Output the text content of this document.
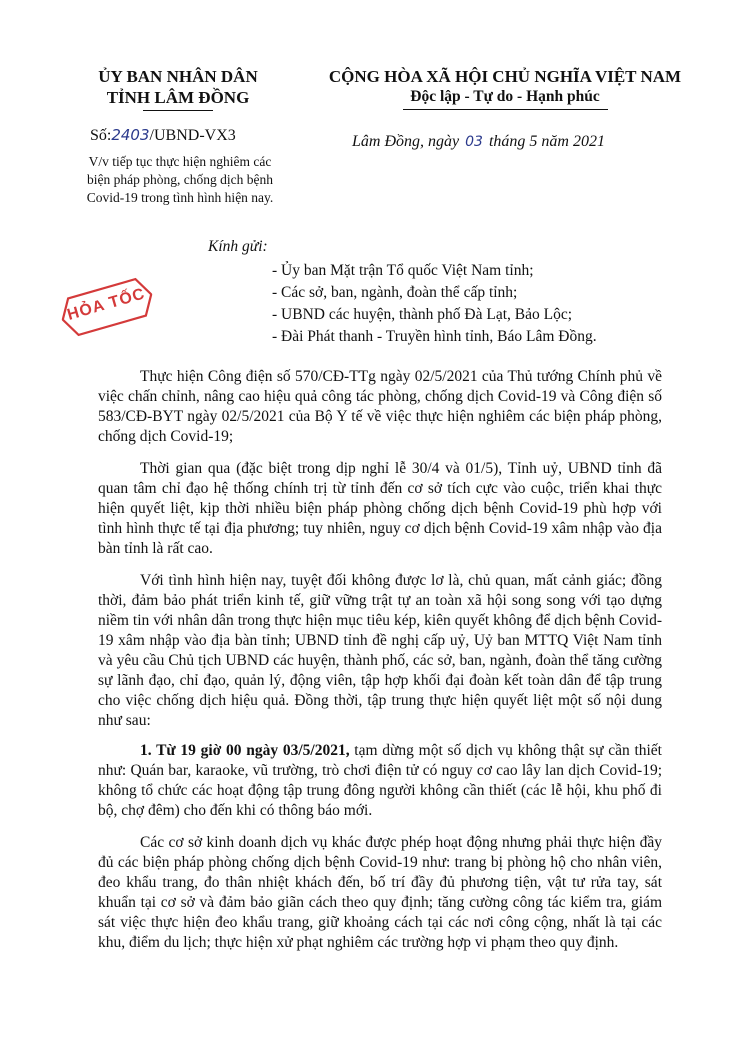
ỦY BAN NHÂN DÂN
TỈNH LÂM ĐỒNG
Số:2403/UBND-VX3
V/v tiếp tục thực hiện nghiêm các
biện pháp phòng, chống dịch bệnh
Covid-19 trong tình hình hiện nay.
CỘNG HÒA XÃ HỘI CHỦ NGHĨA VIỆT NAM
Độc lập - Tự do - Hạnh phúc
Lâm Đồng, ngày 03 tháng 5 năm 2021
HỎA TỐC
Kính gửi:
- Ủy ban Mặt trận Tổ quốc Việt Nam tỉnh;
- Các sở, ban, ngành, đoàn thể cấp tỉnh;
- UBND các huyện, thành phố Đà Lạt, Bảo Lộc;
- Đài Phát thanh - Truyền hình tỉnh, Báo Lâm Đồng.

Thực hiện Công điện số 570/CĐ-TTg ngày 02/5/2021 của Thủ tướng Chính phủ về việc chấn chỉnh, nâng cao hiệu quả công tác phòng, chống dịch Covid-19 và Công điện số 583/CĐ-BYT ngày 02/5/2021 của Bộ Y tế về việc thực hiện nghiêm các biện pháp phòng, chống dịch Covid-19;

Thời gian qua (đặc biệt trong dịp nghỉ lễ 30/4 và 01/5), Tỉnh uỷ, UBND tỉnh đã quan tâm chỉ đạo hệ thống chính trị từ tỉnh đến cơ sở tích cực vào cuộc, triển khai thực hiện quyết liệt, kịp thời nhiều biện pháp phòng chống dịch bệnh Covid-19 phù hợp với tình hình thực tế tại địa phương; tuy nhiên, nguy cơ dịch bệnh Covid-19 xâm nhập vào địa bàn tỉnh là rất cao.

Với tình hình hiện nay, tuyệt đối không được lơ là, chủ quan, mất cảnh giác; đồng thời, đảm bảo phát triển kinh tế, giữ vững trật tự an toàn xã hội song song với tạo dựng niềm tin với nhân dân trong thực hiện mục tiêu kép, kiên quyết không để dịch bệnh Covid-19 xâm nhập vào địa bàn tỉnh; UBND tỉnh đề nghị cấp uỷ, Uỷ ban MTTQ Việt Nam tỉnh và yêu cầu Chủ tịch UBND các huyện, thành phố, các sở, ban, ngành, đoàn thể tăng cường sự lãnh đạo, chỉ đạo, quản lý, động viên, tập hợp khối đại đoàn kết toàn dân để tập trung cho việc chống dịch hiệu quả. Đồng thời, tập trung thực hiện quyết liệt một số nội dung như sau:

1. Từ 19 giờ 00 ngày 03/5/2021, tạm dừng một số dịch vụ không thật sự cần thiết như: Quán bar, karaoke, vũ trường, trò chơi điện tử có nguy cơ cao lây lan dịch Covid-19; không tổ chức các hoạt động tập trung đông người không cần thiết (các lễ hội, khu phố đi bộ, chợ đêm) cho đến khi có thông báo mới.

Các cơ sở kinh doanh dịch vụ khác được phép hoạt động nhưng phải thực hiện đầy đủ các biện pháp phòng chống dịch bệnh Covid-19 như: trang bị phòng hộ cho nhân viên, đeo khẩu trang, đo thân nhiệt khách đến, bố trí đầy đủ phương tiện, vật tư rửa tay, sát khuẩn tại cơ sở và đảm bảo giãn cách theo quy định; tăng cường công tác kiểm tra, giám sát việc thực hiện đeo khẩu trang, giữ khoảng cách tại các nơi công cộng, nhất là tại các khu, điểm du lịch; thực hiện xử phạt nghiêm các trường hợp vi phạm theo quy định.
